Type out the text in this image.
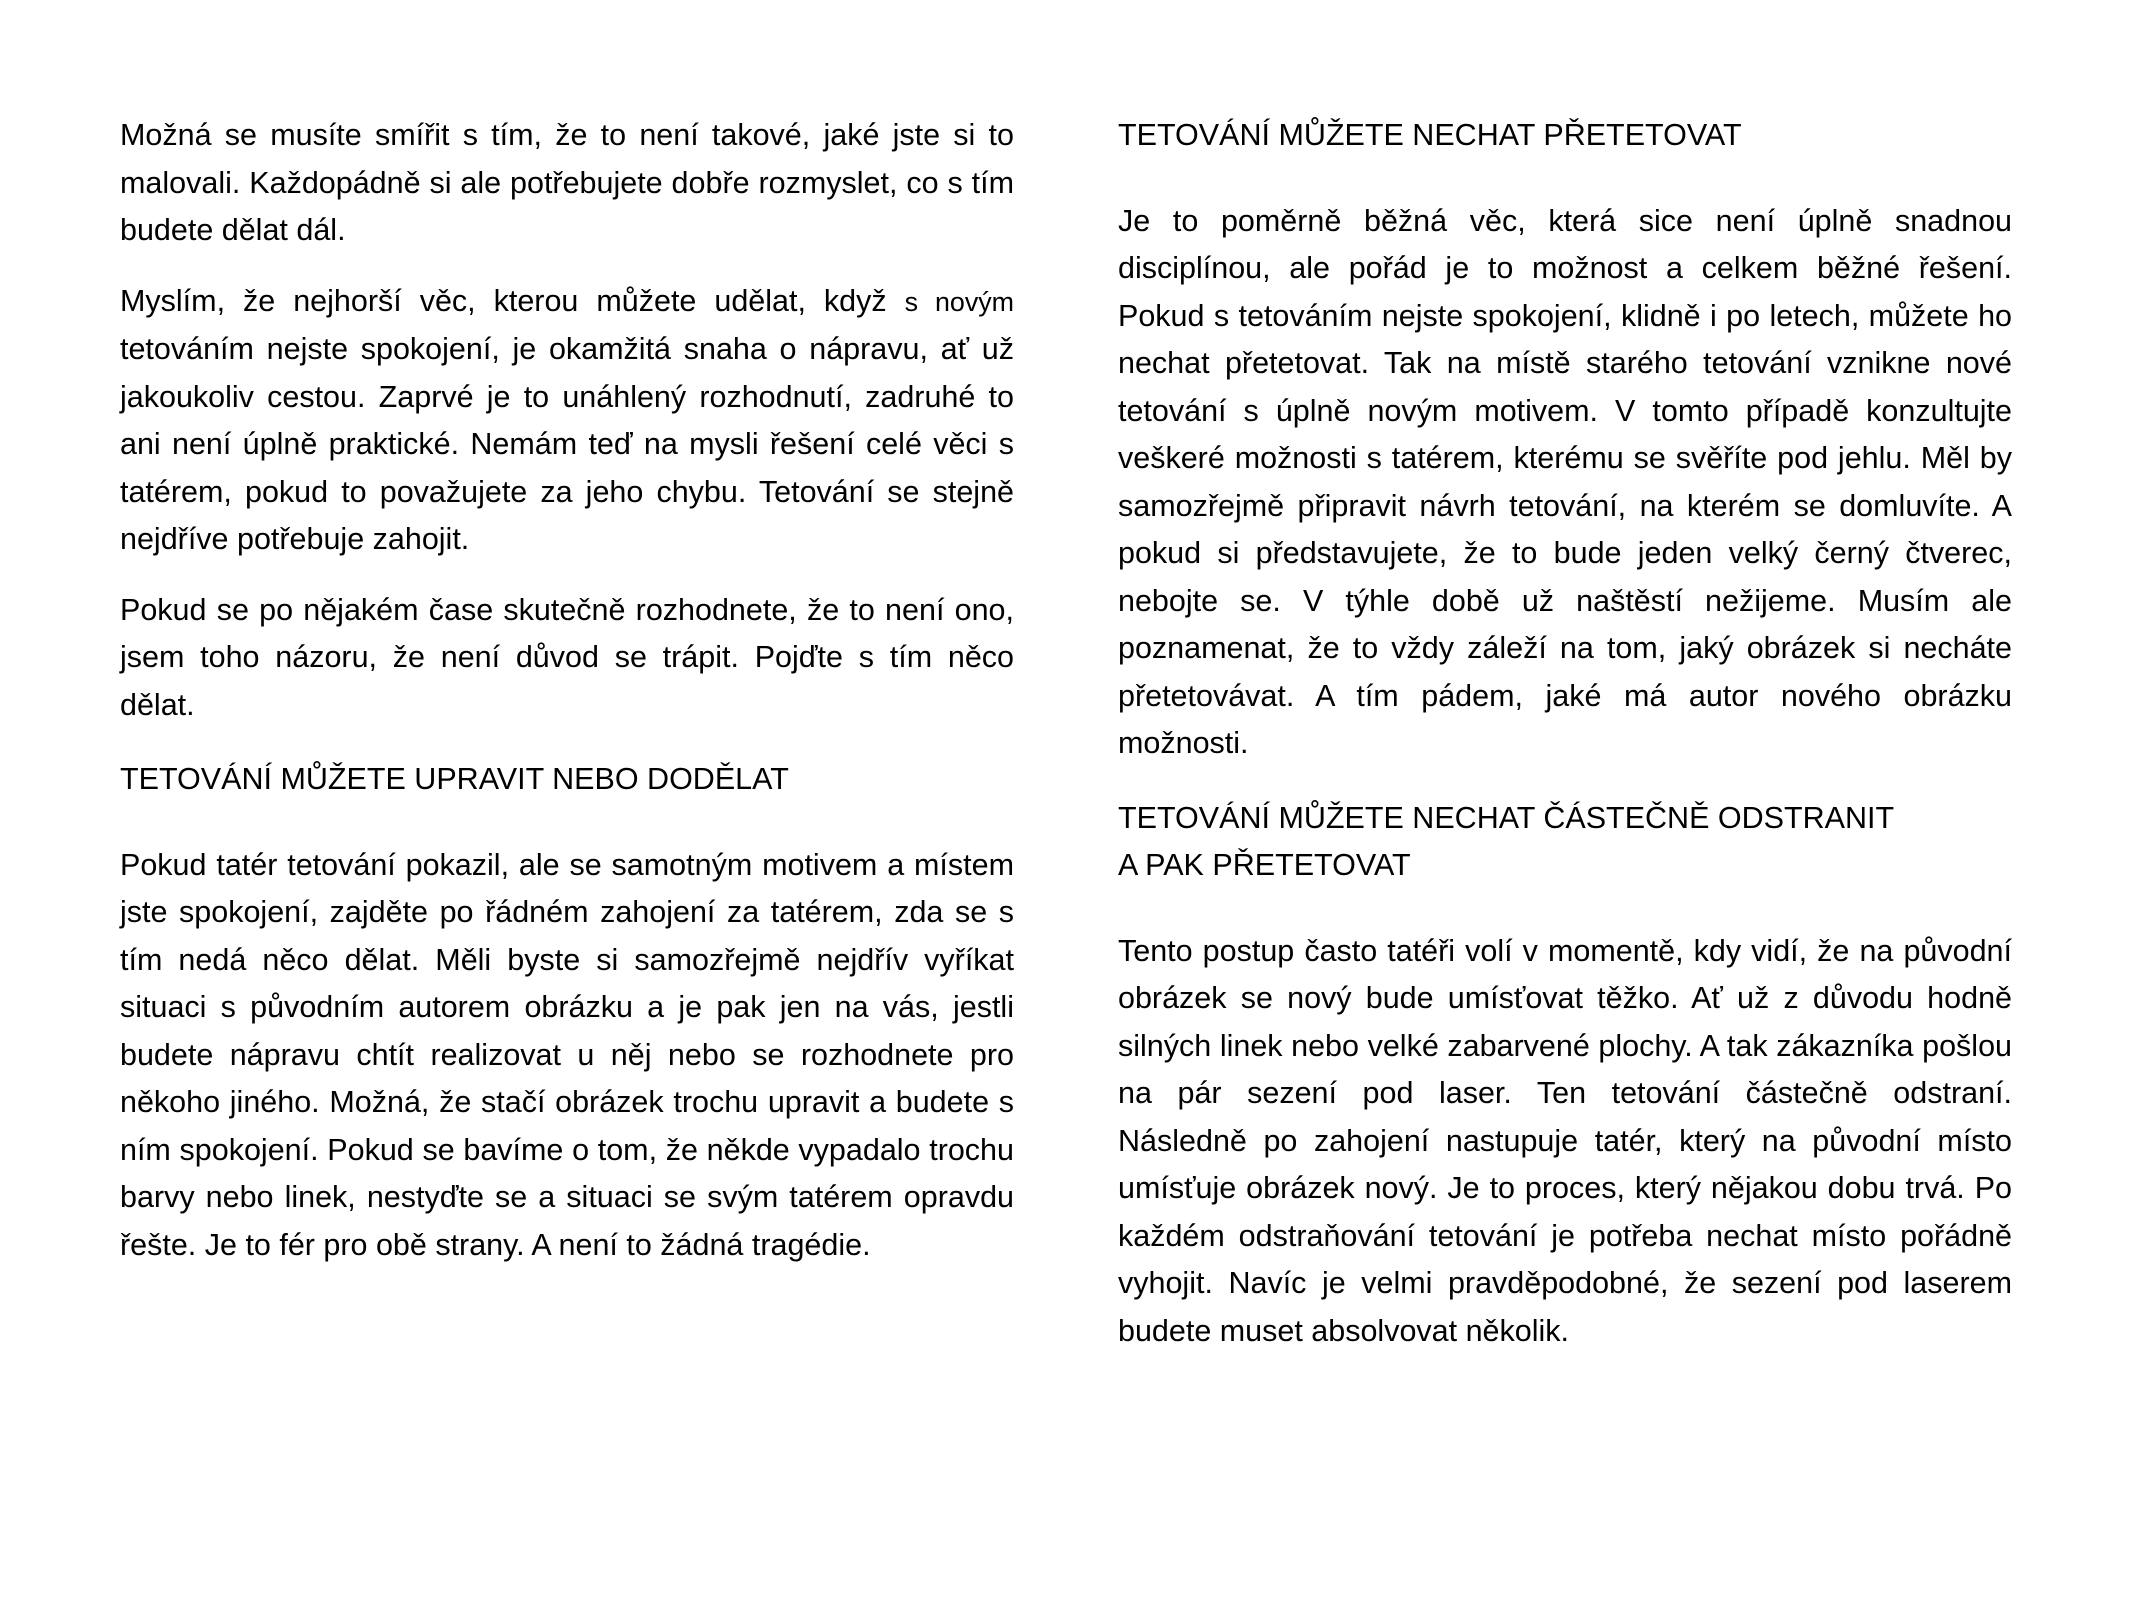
Možná se musíte smířit s tím, že to není takové, jaké jste si to malovali. Každopádně si ale potřebujete dobře rozmyslet, co s tím budete dělat dál.

Myslím, že nejhorší věc, kterou můžete udělat, když s novým tetováním nejste spokojení, je okamžitá snaha o nápravu, ať už jakoukoliv cestou. Zaprvé je to unáhlený rozhodnutí, zadruhé to ani není úplně praktické. Nemám teď na mysli řešení celé věci s tatérem, pokud to považujete za jeho chybu. Tetování se stejně nejdříve potřebuje zahojit.

Pokud se po nějakém čase skutečně rozhodnete, že to není ono, jsem toho názoru, že není důvod se trápit. Pojďte s tím něco dělat.

TETOVÁNÍ MŮŽETE UPRAVIT NEBO DODĚLAT

Pokud tatér tetování pokazil, ale se samotným motivem a místem jste spokojení, zajděte po řádném zahojení za tatérem, zda se s tím nedá něco dělat. Měli byste si samozřejmě nejdřív vyříkat situaci s původním autorem obrázku a je pak jen na vás, jestli budete nápravu chtít realizovat u něj nebo se rozhodnete pro někoho jiného. Možná, že stačí obrázek trochu upravit a budete s ním spokojení. Pokud se bavíme o tom, že někde vypadalo trochu barvy nebo linek, nestyďte se a situaci se svým tatérem opravdu řešte. Je to fér pro obě strany. A není to žádná tragédie.

TETOVÁNÍ MŮŽETE NECHAT PŘETETOVAT

Je to poměrně běžná věc, která sice není úplně snadnou disciplínou, ale pořád je to možnost a celkem běžné řešení. Pokud s tetováním nejste spokojení, klidně i po letech, můžete ho nechat přetetovat. Tak na místě starého tetování vznikne nové tetování s úplně novým motivem. V tomto případě konzultujte veškeré možnosti s tatérem, kterému se svěříte pod jehlu. Měl by samozřejmě připravit návrh tetování, na kterém se domluvíte. A pokud si představujete, že to bude jeden velký černý čtverec, nebojte se. V týhle době už naštěstí nežijeme. Musím ale poznamenat, že to vždy záleží na tom, jaký obrázek si necháte přetetovávat. A tím pádem, jaké má autor nového obrázku možnosti.

TETOVÁNÍ MŮŽETE NECHAT ČÁSTEČNĚ ODSTRANIT
A PAK PŘETETOVAT

Tento postup často tatéři volí v momentě, kdy vidí, že na původní obrázek se nový bude umísťovat těžko. Ať už z důvodu hodně silných linek nebo velké zabarvené plochy. A tak zákazníka pošlou na pár sezení pod laser. Ten tetování částečně odstraní. Následně po zahojení nastupuje tatér, který na původní místo umísťuje obrázek nový. Je to proces, který nějakou dobu trvá. Po každém odstraňování tetování je potřeba nechat místo pořádně vyhojit. Navíc je velmi pravděpodobné, že sezení pod laserem budete muset absolvovat několik.
